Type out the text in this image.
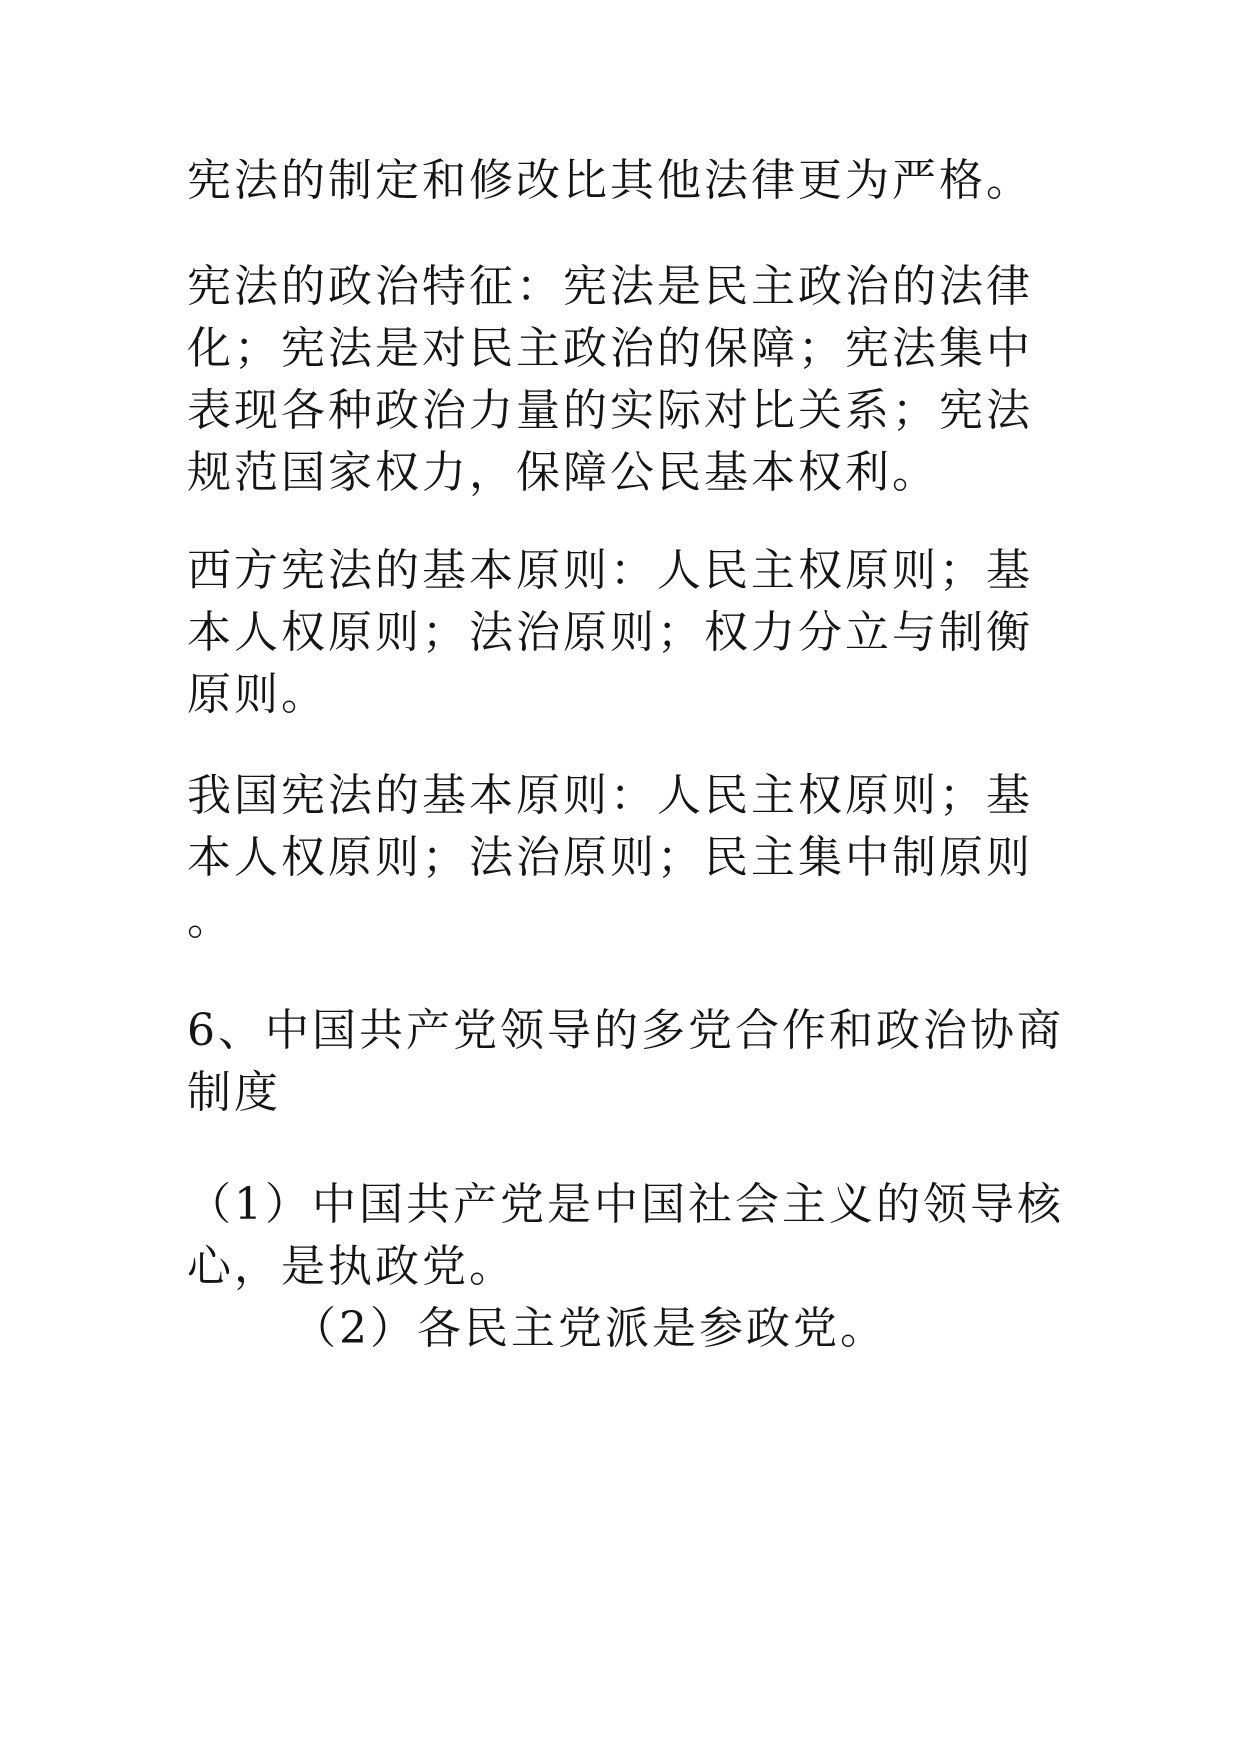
宪法的制定和修改比其他法律更为严格。

宪法的政治特征：宪法是民主政治的法律
化；宪法是对民主政治的保障；宪法集中
表现各种政治力量的实际对比关系；宪法
规范国家权力，保障公民基本权利。

西方宪法的基本原则：人民主权原则；基
本人权原则；法治原则；权力分立与制衡
原则。

我国宪法的基本原则：人民主权原则；基
本人权原则；法治原则；民主集中制原则
。

6、中国共产党领导的多党合作和政治协商
制度

（1）中国共产党是中国社会主义的领导核
心，是执政党。

（2）各民主党派是参政党。
